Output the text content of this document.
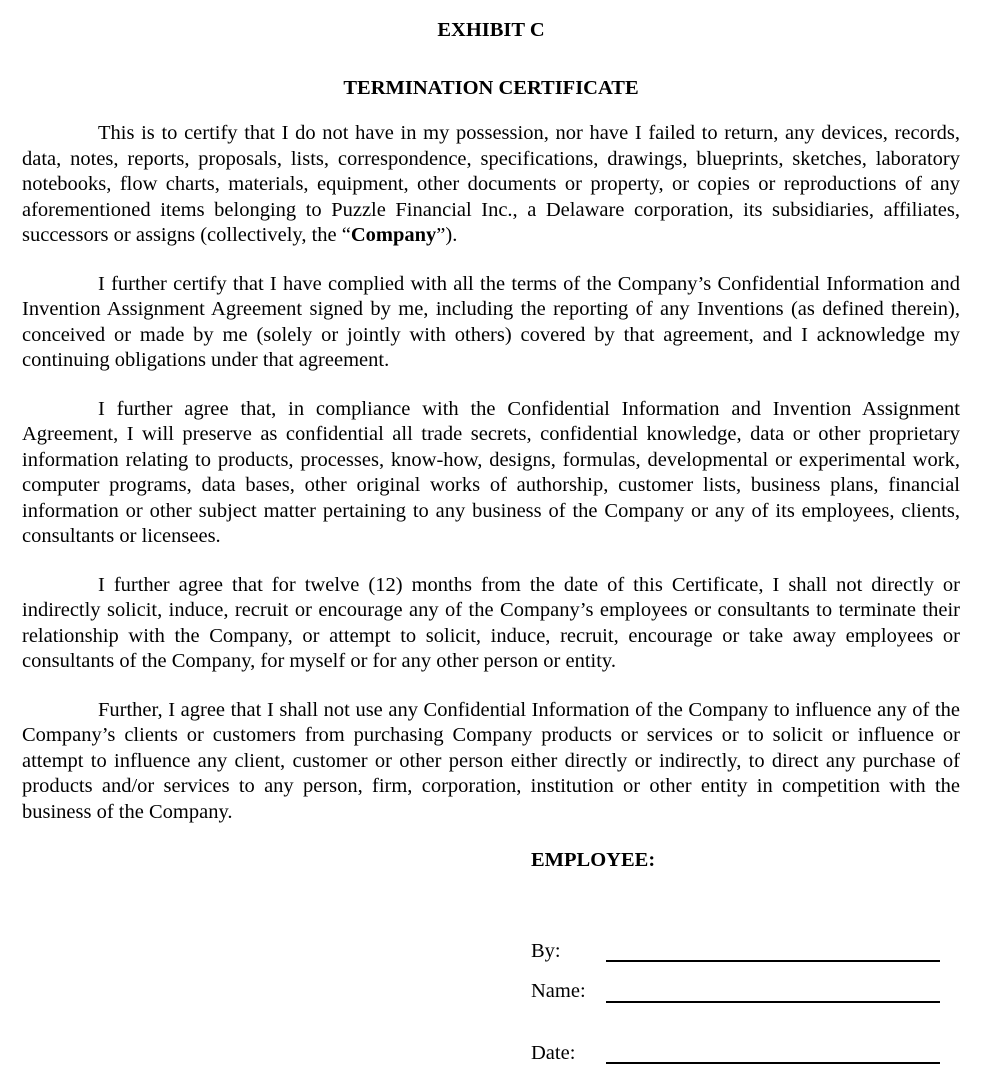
EXHIBIT C
TERMINATION CERTIFICATE

This is to certify that I do not have in my possession, nor have I failed to return, any devices, records, data, notes, reports, proposals, lists, correspondence, specifications, drawings, blueprints, sketches, laboratory notebooks, flow charts, materials, equipment, other documents or property, or copies or reproductions of any aforementioned items belonging to Puzzle Financial Inc., a Delaware corporation, its subsidiaries, affiliates, successors or assigns (collectively, the “Company”).

I further certify that I have complied with all the terms of the Company’s Confidential Information and Invention Assignment Agreement signed by me, including the reporting of any Inventions (as defined therein), conceived or made by me (solely or jointly with others) covered by that agreement, and I acknowledge my continuing obligations under that agreement.

I further agree that, in compliance with the Confidential Information and Invention Assignment Agreement, I will preserve as confidential all trade secrets, confidential knowledge, data or other proprietary information relating to products, processes, know-how, designs, formulas, developmental or experimental work, computer programs, data bases, other original works of authorship, customer lists, business plans, financial information or other subject matter pertaining to any business of the Company or any of its employees, clients, consultants or licensees.

I further agree that for twelve (12) months from the date of this Certificate, I shall not directly or indirectly solicit, induce, recruit or encourage any of the Company’s employees or consultants to terminate their relationship with the Company, or attempt to solicit, induce, recruit, encourage or take away employees or consultants of the Company, for myself or for any other person or entity.

Further, I agree that I shall not use any Confidential Information of the Company to influence any of the Company’s clients or customers from purchasing Company products or services or to solicit or influence or attempt to influence any client, customer or other person either directly or indirectly, to direct any purchase of products and/or services to any person, firm, corporation, institution or other entity in competition with the business of the Company.

EMPLOYEE:
By:
Name:
Date:
